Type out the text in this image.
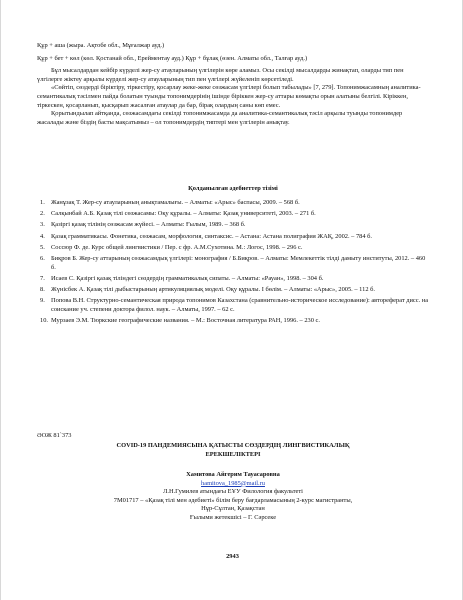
Құр + аша (жыра. Ақтобе обл., Мұғалжар ауд.)

Құр + бет + көл (көл. Қостанай обл., Ерейментау ауд.) Құр + бұлақ (өзен. Алматы обл., Талғар ауд.)

Бұл мысалдардан кейбір күрделі жер-су атауларының үлгілерін көре аламыз. Осы секілді мысалдарды жинақтап, оларды тип пен үлгілерге жіктеу арқылы күрделі жер-су атауларының тип пен үлгілері жүйеленіп көрсетіледі.

«Сөйтіп, сөздерді біріктіру, тіркестіру, қосарлау жеке-жеке сөзжасам үлгілері болып табылады» [7, 279]. Топонимжасамның аналитика-семантикалық тәсілмен пайда болатын туынды топонимдерінің ішінде біріккен жер-су аттары көмақты орын алатыны белгілі. Кіріккен, тіркескен, қосарланып, қысқарып жасалған атаулар да бар, бірақ олардың саны көп емес.

Қорытындылап айтқанда, сөзжасамдағы секілді топонимжасамда да аналитика-семантикалық тәсіл арқылы туынды топонимдер жасалады және біздің басты мақсатымыз – ол топонимдердің типтері мен үлгілерін анықтау.

Қолданылған әдебиеттер тізімі
1. Жанұзақ Т. Жер-су атауларының анықтамалығы. – Алматы: «Арыс» баспасы, 2009. – 568 б.
2. Салқынбай А.Б. Қазақ тілі сөзжасамы: Оқу құралы. – Алматы: Қазақ университеті, 2003. – 271 б.
3. Қазіргі қазақ тілінің сөзжасам жүйесі. – Алматы: Ғылым, 1989. – 368 б.
4. Қазақ грамматикасы. Фонетика, сөзжасам, морфология, синтаксис. – Астана: Астана полиграфия ЖАҚ, 2002. – 784 б.
5. Соссюр Ф. де. Курс общей лингвистики / Пер. с фр. А.М.Сухотина. М.: Логос, 1998. – 296 с.
6. Биқров Б. Жер-су аттарының сөзжасамдық үлгілері: монография / Б.Биқров. – Алматы: Мемлекеттік тілді дамыту институты, 2012. – 460 б.
7. Исаев С. Қазіргі қазақ тіліндегі сөздердің грамматикалық сипаты. – Алматы: «Рауан», 1998. – 304 б.
8. Жүнісбек А. Қазақ тілі дыбыстарының артикуляциялық моделі. Оқу құралы. I бөлім. – Алматы: «Арыс», 2005. – 112 б.
9. Попова В.Н. Структурно-семантическая природа топонимов Казахстана (сравнительно-историческое исследование): автореферат дисс. на соискание уч. степени доктора филол. наук. – Алматы, 1997. – 62 с.
10. Мурзаев Э.М. Тюркские географические названия. – М.: Восточная литература РАН, 1996. – 230 с.
ӘОЖ 81`373
COVID-19 ПАНДЕМИЯСЫНА ҚАТЫСТЫ СӨЗДЕРДІҢ ЛИНГВИСТИКАЛЫҚ
ЕРЕКШЕЛІКТЕРІ
Хамитова Айгерим Тауасаровна
hamitova_1985@mail.ru
Л.Н.Гумилев атындағы ЕҰУ Филология факультеті
7М01717 – «Қазақ тілі мен әдебиеті» білім беру бағдарламасының 2-курс магистранты,
Нұр-Сұлтан, Қазақстан
Ғылыми жетекшісі – Г. Сәрсеке
2943
